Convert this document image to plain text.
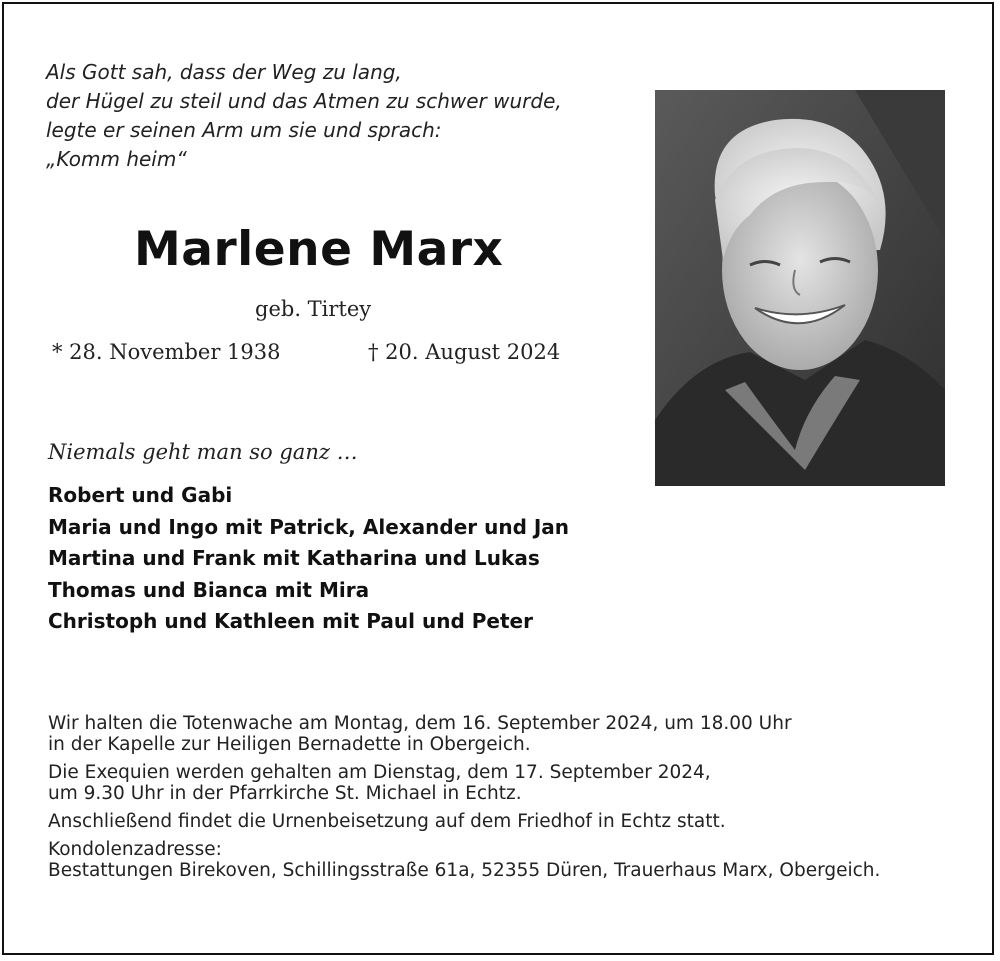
Als Gott sah, dass der Weg zu lang,
der Hügel zu steil und das Atmen zu schwer wurde,
legte er seinen Arm um sie und sprach:
„Komm heim“
Marlene Marx
geb. Tirtey
* 28. November 1938	† 20. August 2024
Niemals geht man so ganz …
Robert und Gabi
Maria und Ingo mit Patrick, Alexander und Jan
Martina und Frank mit Katharina und Lukas
Thomas und Bianca mit Mira
Christoph und Kathleen mit Paul und Peter

Wir halten die Totenwache am Montag, dem 16. September 2024, um 18.00 Uhr
in der Kapelle zur Heiligen Bernadette in Obergeich.

Die Exequien werden gehalten am Dienstag, dem 17. September 2024,
um 9.30 Uhr in der Pfarrkirche St. Michael in Echtz.

Anschließend findet die Urnenbeisetzung auf dem Friedhof in Echtz statt.

Kondolenzadresse:
Bestattungen Birekoven, Schillingsstraße 61a, 52355 Düren, Trauerhaus Marx, Obergeich.
